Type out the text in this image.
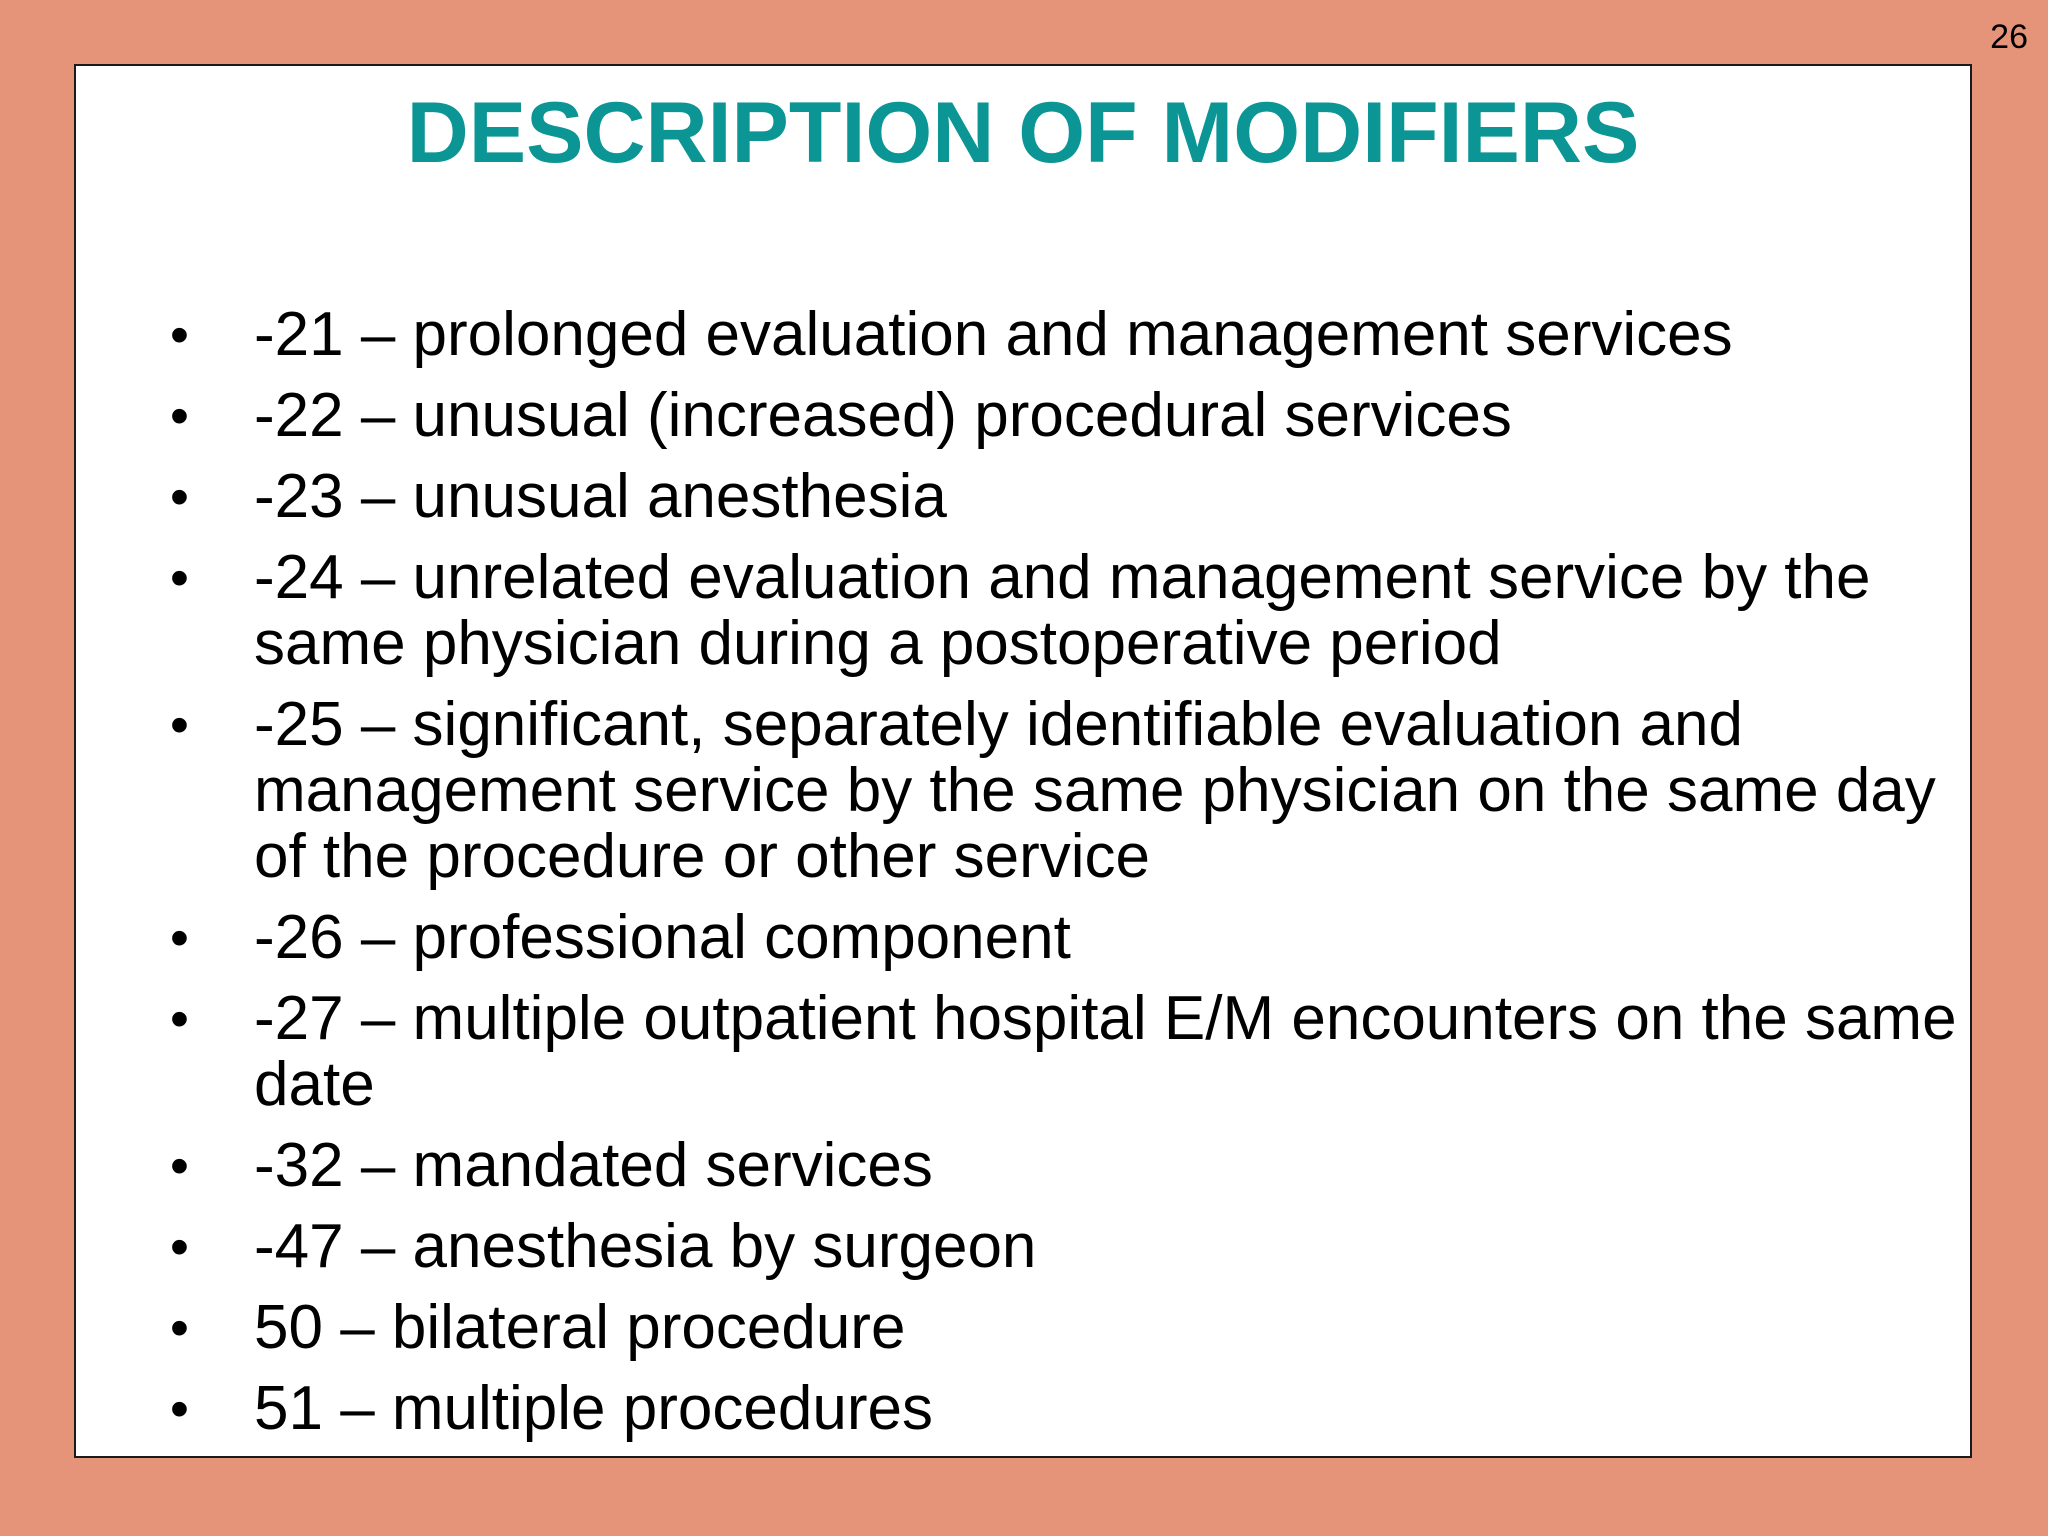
26
DESCRIPTION OF MODIFIERS
• -21 – prolonged evaluation and management services
• -22 – unusual (increased) procedural services
• -23 – unusual anesthesia
• -24 – unrelated evaluation and management service by the same physician during a postoperative period
• -25 – significant, separately identifiable evaluation and management service by the same physician on the same day of the procedure or other service
• -26 – professional component
• -27 – multiple outpatient hospital E/M encounters on the same date
• -32 – mandated services
• -47 – anesthesia by surgeon
• 50 – bilateral procedure
• 51 – multiple procedures
